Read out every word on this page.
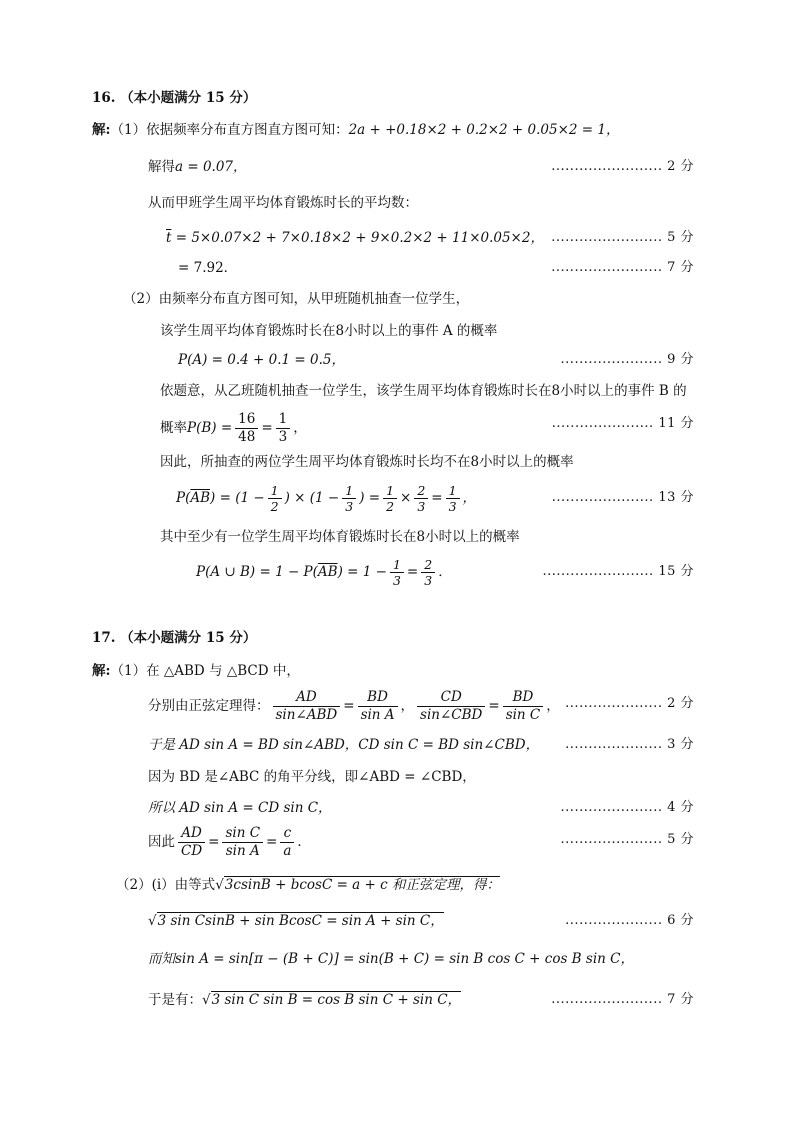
16. （本小题满分 15 分）
解:（1）依据频率分布直方图直方图可知：2a + +0.18×2 + 0.2×2 + 0.05×2 = 1，
解得a = 0.07，	........................ 2 分
从而甲班学生周平均体育锻炼时长的平均数：
$\overline{t} = 5\times 0.07\times 2 + 7\times 0.18\times 2 + 9\times 0.2\times 2 + 11\times 0.05\times 2$， ........................ 5 分
= 7.92．	........................ 7 分
（2）由频率分布直方图可知，从甲班随机抽查一位学生，
该学生周平均体育锻炼时长在8小时以上的事件 A 的概率
P(A) = 0.4 + 0.1 = 0.5，	...................... 9 分
依题意，从乙班随机抽查一位学生，该学生周平均体育锻炼时长在8小时以上的事件 B 的
概率$P(B) = \frac{16}{48} = \frac{1}{3}$ ，	...................... 11 分
因此，所抽查的两位学生周平均体育锻炼时长均不在8小时以上的概率
$P(\overline{AB}) = (1 - \frac{1}{2}$ ) × ($1 - \frac{1}{3}$ ) = $\frac{1}{2} \times \frac{2}{3} = \frac{1}{3}$ ，	...................... 13 分
其中至少有一位学生周平均体育锻炼时长在8小时以上的概率
P(A ∪ $B) = 1 - P(\overline{AB}) = 1 - \frac{1}{3} = \frac{2}{3}$ ．	........................ 15 分
17. （本小题满分 15 分）
解:（1）在 △ABD 与 △BCD 中，
分别由正弦定理得： $\frac{AD}{\text{sin∠ABD}} = \frac{BD}{\text{sin A}}$ ， $\frac{CD}{\text{sin∠CBD}} = \frac{BD}{\text{sin C}}$ ， ..................... 2 分
于是 AD sin A = BD sin∠ABD，CD sin C = BD sin∠CBD， ..................... 3 分
因为 BD 是∠ABC 的角平分线，即∠ABD = ∠CBD，
所以 AD sin A = CD sin C，	...................... 4 分
因此 $\frac{AD}{CD} = \frac{\text{sin C}}{\text{sin A}} = \frac{c}{a}$ ．	...................... 5 分
（2）(i）由等式√3csinB + bcosC = a + c 和正弦定理，得：
√3 sin CsinB + sin BcosC = sin A + sin C，	..................... 6 分
而知sin A = sin[π − (B + C)] = sin(B + C) = sin B cos C + cos B sin C，
于是有：√3 sin C sin B = cos B sin C + sin C，	........................ 7 分
